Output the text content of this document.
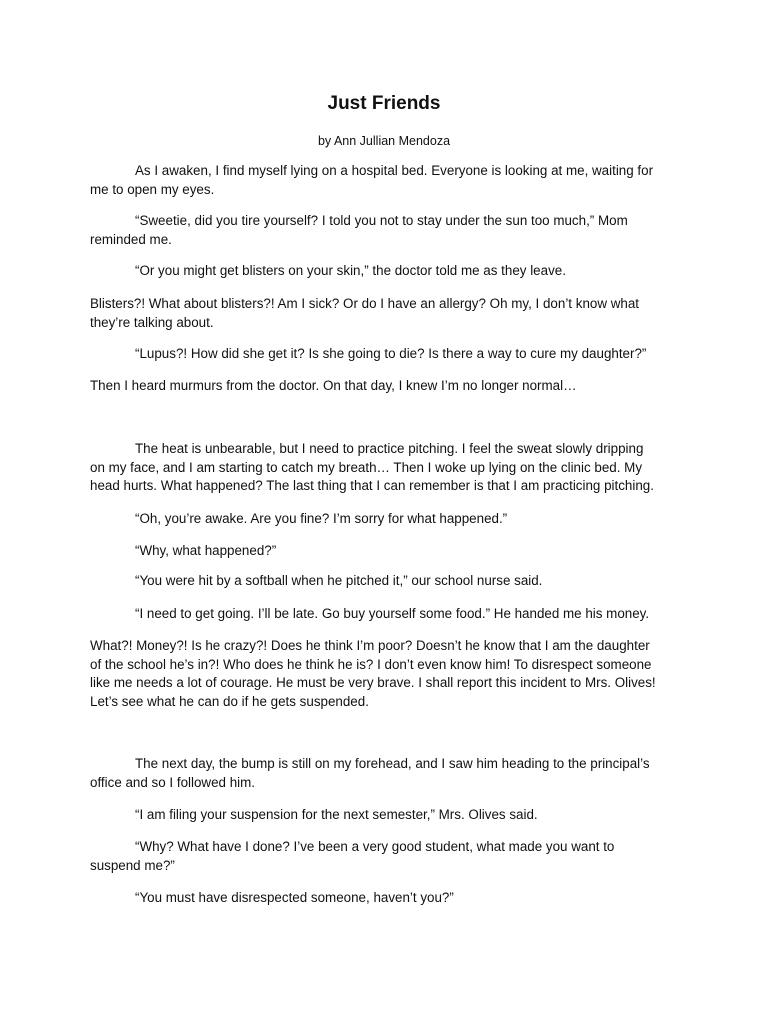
Just Friends

by Ann Jullian Mendoza

As I awaken, I find myself lying on a hospital bed. Everyone is looking at me, waiting for
me to open my eyes.

“Sweetie, did you tire yourself? I told you not to stay under the sun too much,” Mom
reminded me.

“Or you might get blisters on your skin,” the doctor told me as they leave.

Blisters?! What about blisters?! Am I sick? Or do I have an allergy? Oh my, I don’t know what
they’re talking about.

“Lupus?! How did she get it? Is she going to die? Is there a way to cure my daughter?”

Then I heard murmurs from the doctor. On that day, I knew I’m no longer normal…

The heat is unbearable, but I need to practice pitching. I feel the sweat slowly dripping
on my face, and I am starting to catch my breath… Then I woke up lying on the clinic bed. My
head hurts. What happened? The last thing that I can remember is that I am practicing pitching.

“Oh, you’re awake. Are you fine? I’m sorry for what happened.”

“Why, what happened?”

“You were hit by a softball when he pitched it,” our school nurse said.

“I need to get going. I’ll be late. Go buy yourself some food.” He handed me his money.

What?! Money?! Is he crazy?! Does he think I’m poor? Doesn’t he know that I am the daughter
of the school he’s in?! Who does he think he is? I don’t even know him! To disrespect someone
like me needs a lot of courage. He must be very brave. I shall report this incident to Mrs. Olives!
Let’s see what he can do if he gets suspended.

The next day, the bump is still on my forehead, and I saw him heading to the principal’s
office and so I followed him.

“I am filing your suspension for the next semester,” Mrs. Olives said.

“Why? What have I done? I’ve been a very good student, what made you want to
suspend me?”

“You must have disrespected someone, haven’t you?”
